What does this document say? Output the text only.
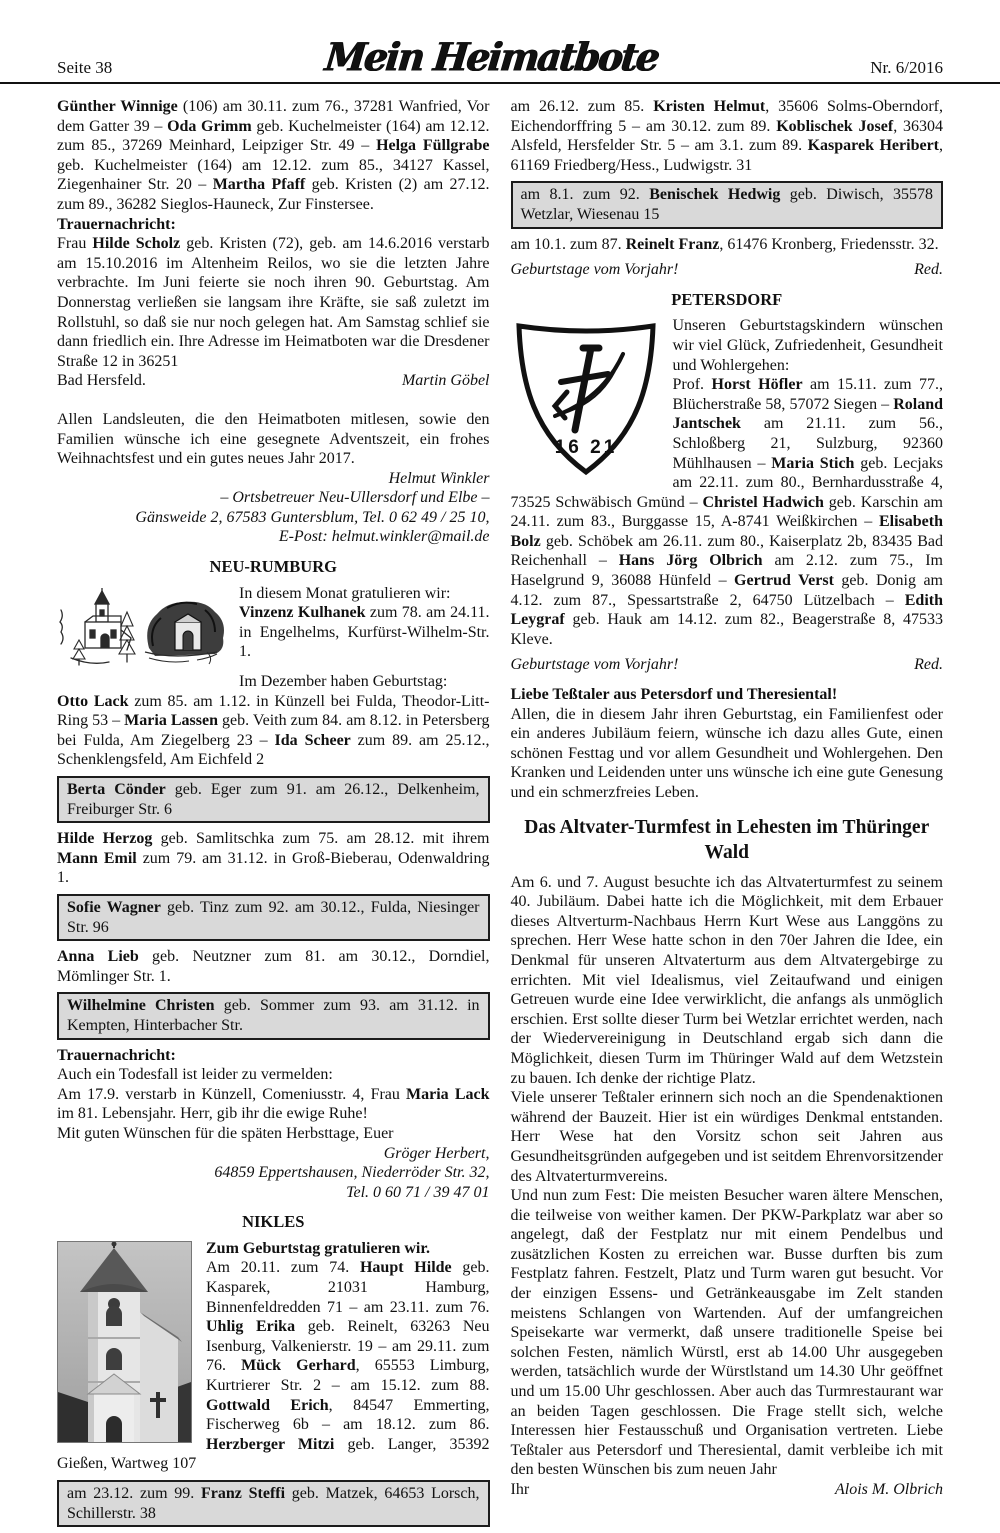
Seite 38	Mein Heimatbote	Nr. 6/2016

Günther Winnige (106) am 30.11. zum 76., 37281 Wanfried, Vor dem Gatter 39 – Oda Grimm geb. Kuchelmeister (164) am 12.12. zum 85., 37269 Meinhard, Leipziger Str. 49 – Helga Füllgrabe geb. Kuchelmeister (164) am 12.12. zum 85., 34127 Kassel, Ziegenhainer Str. 20 – Martha Pfaff geb. Kristen (2) am 27.12. zum 89., 36282 Sieglos-Hauneck, Zur Finstersee.

Trauernachricht:

Frau Hilde Scholz geb. Kristen (72), geb. am 14.6.2016 verstarb am 15.10.2016 im Altenheim Reilos, wo sie die letzten Jahre verbrachte. Im Juni feierte sie noch ihren 90. Geburtstag. Am Donnerstag verließen sie langsam ihre Kräfte, sie saß zuletzt im Rollstuhl, so daß sie nur noch gelegen hat. Am Samstag schlief sie dann friedlich ein. Ihre Adresse im Heimatboten war die Dresdener Straße 12 in 36251

Bad Hersfeld.	Martin Göbel

Allen Landsleuten, die den Heimatboten mitlesen, sowie den Familien wünsche ich eine gesegnete Adventszeit, ein frohes Weihnachtsfest und ein gutes neues Jahr 2017.

Helmut Winkler
– Ortsbetreuer Neu-Ullersdorf und Elbe –
Gänsweide 2, 67583 Guntersblum, Tel. 0 62 49 / 25 10,
E-Post: helmut.winkler@mail.de

NEU-RUMBURG

In diesem Monat gratulieren wir:
Vinzenz Kulhanek zum 78. am 24.11. in Engelhelms, Kurfürst-Wilhelm-Str. 1.

Im Dezember haben Geburtstag:

Otto Lack zum 85. am 1.12. in Künzell bei Fulda, Theodor-Litt-Ring 53 – Maria Lassen geb. Veith zum 84. am 8.12. in Petersberg bei Fulda, Am Ziegelberg 23 – Ida Scheer zum 89. am 25.12., Schenklengsfeld, Am Eichfeld 2

Berta Cönder geb. Eger zum 91. am 26.12., Delkenheim, Freiburger Str. 6

Hilde Herzog geb. Samlitschka zum 75. am 28.12. mit ihrem Mann Emil zum 79. am 31.12. in Groß-Bieberau, Odenwaldring 1.

Sofie Wagner geb. Tinz zum 92. am 30.12., Fulda, Niesinger Str. 96

Anna Lieb geb. Neutzner zum 81. am 30.12., Dorndiel, Mömlinger Str. 1.

Wilhelmine Christen geb. Sommer zum 93. am 31.12. in Kempten, Hinterbacher Str.

Trauernachricht:

Auch ein Todesfall ist leider zu vermelden:
Am 17.9. verstarb in Künzell, Comeniusstr. 4, Frau Maria Lack im 81. Lebensjahr. Herr, gib ihr die ewige Ruhe!
Mit guten Wünschen für die späten Herbsttage, Euer

Gröger Herbert,
64859 Eppertshausen, Niederröder Str. 32,
Tel. 0 60 71 / 39 47 01

NIKLES

Zum Geburtstag gratulieren wir.
Am 20.11. zum 74. Haupt Hilde geb. Kasparek, 21031 Hamburg, Binnenfeldredden 71 – am 23.11. zum 76. Uhlig Erika geb. Reinelt, 63263 Neu Isenburg, Valkenierstr. 19 – am 29.11. zum 76. Mück Gerhard, 65553 Limburg, Kurtrierer Str. 2 – am 15.12. zum 88. Gottwald Erich, 84547 Emmerting, Fischerweg 6b – am 18.12. zum 86. Herzberger Mitzi geb. Langer, 35392 Gießen, Wartweg 107

am 23.12. zum 99. Franz Steffi geb. Matzek, 64653 Lorsch, Schillerstr. 38

am 26.12. zum 85. Kristen Helmut, 35606 Solms-Oberndorf, Eichendorffring 5 – am 30.12. zum 89. Koblischek Josef, 36304 Alsfeld, Hersfelder Str. 5 – am 3.1. zum 89. Kasparek Heribert, 61169 Friedberg/Hess., Ludwigstr. 31

am 8.1. zum 92. Benischek Hedwig geb. Diwisch, 35578 Wetzlar, Wiesenau 15

am 10.1. zum 87. Reinelt Franz, 61476 Kronberg, Friedensstr. 32.

Geburtstage vom Vorjahr!	Red.
PETERSDORF
16 21

Unseren Geburtstagskindern wünschen wir viel Glück, Zufriedenheit, Gesundheit und Wohlergehen:
Prof. Horst Höfler am 15.11. zum 77., Blücherstraße 58, 57072 Siegen – Roland Jantschek am 21.11. zum 56., Schloßberg 21, Sulzburg, 92360 Mühlhausen – Maria Stich geb. Lecjaks am 22.11. zum 80., Bernhardusstraße 4, 73525 Schwäbisch Gmünd – Christel Hadwich geb. Karschin am 24.11. zum 83., Burggasse 15, A-8741 Weißkirchen – Elisabeth Bolz geb. Schöbek am 26.11. zum 80., Kaiserplatz 2b, 83435 Bad Reichenhall – Hans Jörg Olbrich am 2.12. zum 75., Im Haselgrund 9, 36088 Hünfeld – Gertrud Verst geb. Donig am 4.12. zum 87., Spessartstraße 2, 64750 Lützelbach – Edith Leygraf geb. Hauk am 14.12. zum 82., Beagerstraße 8, 47533 Kleve.

Geburtstage vom Vorjahr!	Red.

Liebe Teßtaler aus Petersdorf und Theresiental!

Allen, die in diesem Jahr ihren Geburtstag, ein Familienfest oder ein anderes Jubiläum feiern, wünsche ich dazu alles Gute, einen schönen Festtag und vor allem Gesundheit und Wohlergehen. Den Kranken und Leidenden unter uns wünsche ich eine gute Genesung und ein schmerzfreies Leben.

Das Altvater-Turmfest in Lehesten im Thüringer Wald

Am 6. und 7. August besuchte ich das Altvaterturmfest zu seinem 40. Jubiläum. Dabei hatte ich die Möglichkeit, mit dem Erbauer dieses Altverturm-Nachbaus Herrn Kurt Wese aus Langgöns zu sprechen. Herr Wese hatte schon in den 70er Jahren die Idee, ein Denkmal für unseren Altvaterturm aus dem Altvatergebirge zu errichten. Mit viel Idealismus, viel Zeitaufwand und einigen Getreuen wurde eine Idee verwirklicht, die anfangs als unmöglich erschien. Erst sollte dieser Turm bei Wetzlar errichtet werden, nach der Wiedervereinigung in Deutschland ergab sich dann die Möglichkeit, diesen Turm im Thüringer Wald auf dem Wetzstein zu bauen. Ich denke der richtige Platz.
Viele unserer Teßtaler erinnern sich noch an die Spendenaktionen während der Bauzeit. Hier ist ein würdiges Denkmal entstanden. Herr Wese hat den Vorsitz schon seit Jahren aus Gesundheitsgründen aufgegeben und ist seitdem Ehrenvorsitzender des Altvaterturmvereins.
Und nun zum Fest: Die meisten Besucher waren ältere Menschen, die teilweise von weither kamen. Der PKW-Parkplatz war aber so angelegt, daß der Festplatz nur mit einem Pendelbus und zusätzlichen Kosten zu erreichen war. Busse durften bis zum Festplatz fahren. Festzelt, Platz und Turm waren gut besucht. Vor der einzigen Essens- und Getränkeausgabe im Zelt standen meistens Schlangen von Wartenden. Auf der umfangreichen Speisekarte war vermerkt, daß unsere traditionelle Speise bei solchen Festen, nämlich Würstl, erst ab 14.00 Uhr ausgegeben werden, tatsächlich wurde der Würstlstand um 14.30 Uhr geöffnet und um 15.00 Uhr geschlossen. Aber auch das Turmrestaurant war an beiden Tagen geschlossen. Die Frage stellt sich, welche Interessen hier Festausschuß und Organisation vertreten. Liebe Teßtaler aus Petersdorf und Theresiental, damit verbleibe ich mit den besten Wünschen bis zum neuen Jahr

Ihr	Alois M. Olbrich
